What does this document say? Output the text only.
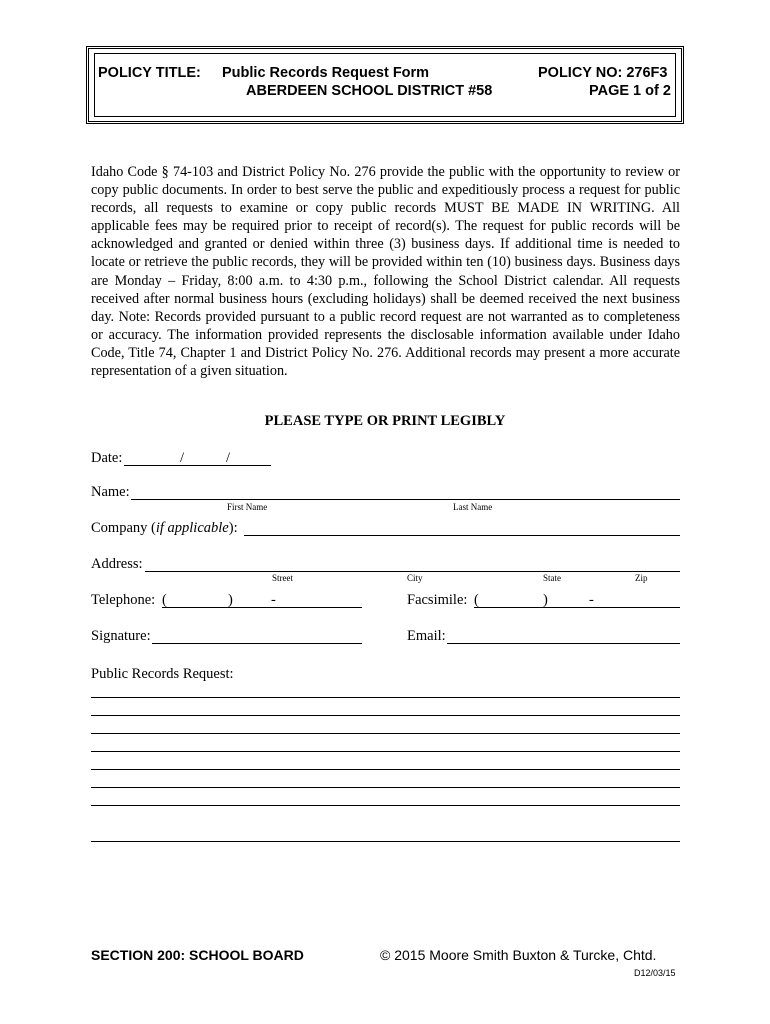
POLICY TITLE: Public Records Request Form
ABERDEEN SCHOOL DISTRICT #58
POLICY NO: 276F3
PAGE 1 of 2
Idaho Code § 74-103 and District Policy No. 276 provide the public with the opportunity to review or copy public documents. In order to best serve the public and expeditiously process a request for public records, all requests to examine or copy public records MUST BE MADE IN WRITING. All applicable fees may be required prior to receipt of record(s). The request for public records will be acknowledged and granted or denied within three (3) business days. If additional time is needed to locate or retrieve the public records, they will be provided within ten (10) business days. Business days are Monday – Friday, 8:00 a.m. to 4:30 p.m., following the School District calendar. All requests received after normal business hours (excluding holidays) shall be deemed received the next business day. Note: Records provided pursuant to a public record request are not warranted as to completeness or accuracy. The information provided represents the disclosable information available under Idaho Code, Title 74, Chapter 1 and District Policy No. 276. Additional records may present a more accurate representation of a given situation.
PLEASE TYPE OR PRINT LEGIBLY
Date:	/	/
Name:
First Name	Last Name
Company (if applicable):
Address:
Street	City	State	Zip
Telephone: (	)	-	Facsimile: (	)	-
Signature:	Email:
Public Records Request:
SECTION 200: SCHOOL BOARD	© 2015 Moore Smith Buxton & Turcke, Chtd.
D12/03/15
